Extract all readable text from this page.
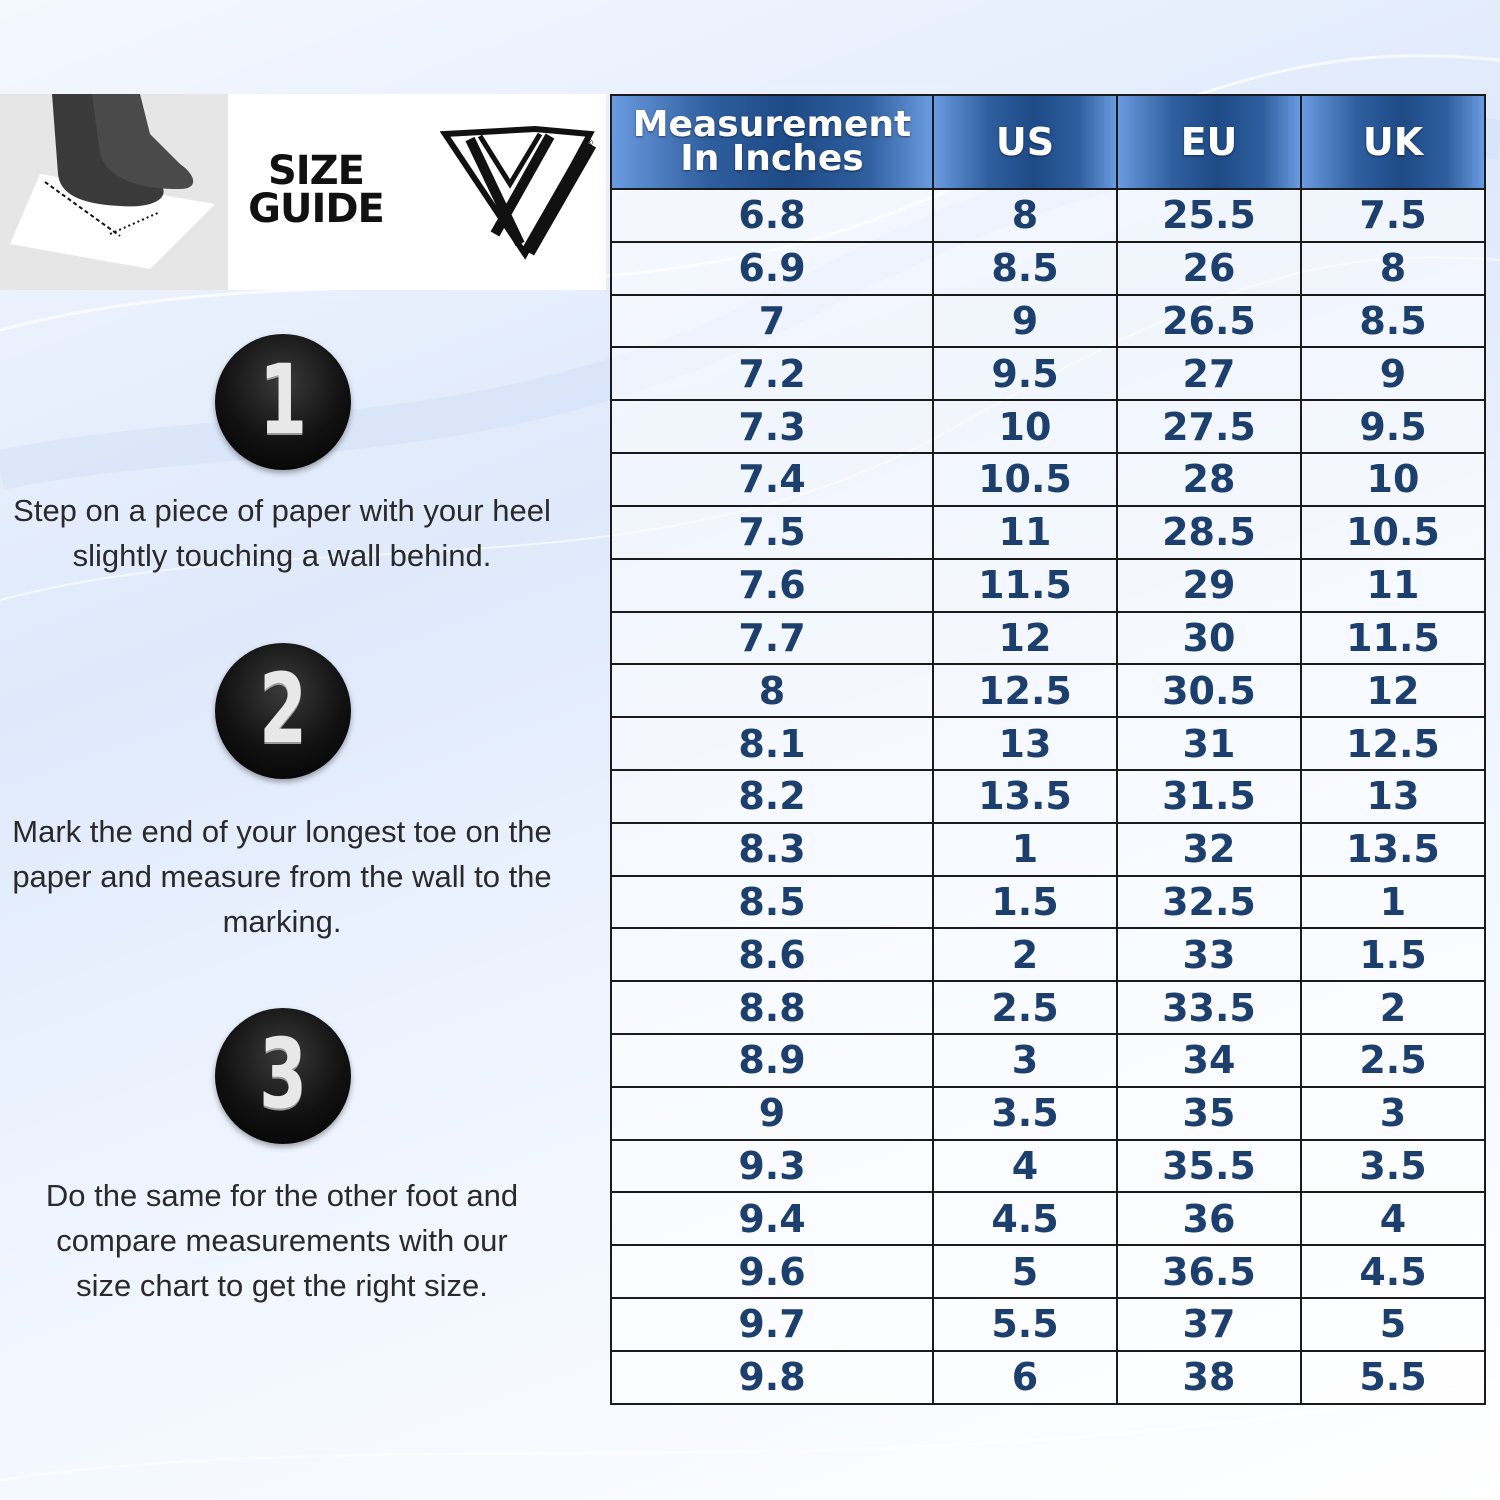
SIZE
GUIDE
®
1
Step on a piece of paper with your heel slightly touching a wall behind.
2
Mark the end of your longest toe on the paper and measure from the wall to the marking.
3
Do the same for the other foot and compare measurements with our size chart to get the right size.
Measurement In Inches	US	EU	UK
6.8	8	25.5	7.5
6.9	8.5	26	8
7	9	26.5	8.5
7.2	9.5	27	9
7.3	10	27.5	9.5
7.4	10.5	28	10
7.5	11	28.5	10.5
7.6	11.5	29	11
7.7	12	30	11.5
8	12.5	30.5	12
8.1	13	31	12.5
8.2	13.5	31.5	13
8.3	1	32	13.5
8.5	1.5	32.5	1
8.6	2	33	1.5
8.8	2.5	33.5	2
8.9	3	34	2.5
9	3.5	35	3
9.3	4	35.5	3.5
9.4	4.5	36	4
9.6	5	36.5	4.5
9.7	5.5	37	5
9.8	6	38	5.5
